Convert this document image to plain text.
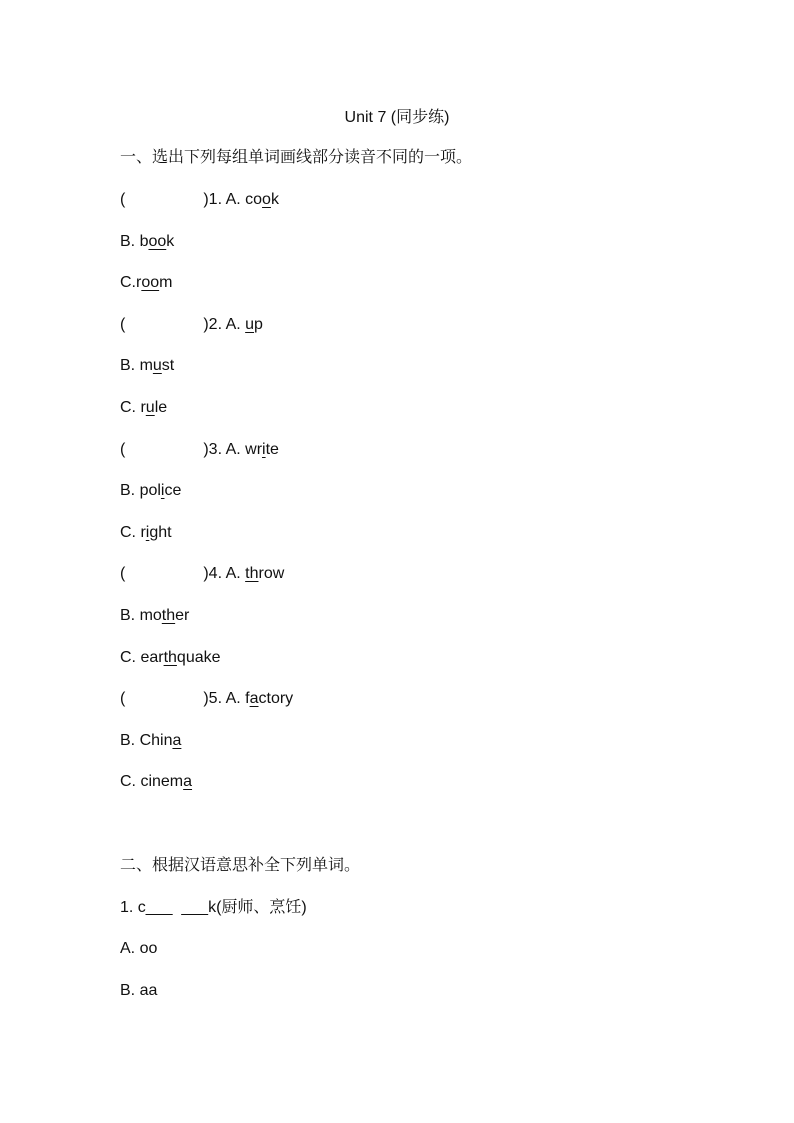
Unit 7 (同步练)
一、选出下列每组单词画线部分读音不同的一项。
(	)1. A. cook
B. book
C.room
(	)2. A. up
B. must
C. rule
(	)3. A. write
B. police
C. right
(	)4. A. throw
B. mother
C. earthquake
(	)5. A. factory
B. China
C. cinema
二、根据汉语意思补全下列单词。
1. c___  ___k(厨师、烹饪)
A. oo
B. aa
